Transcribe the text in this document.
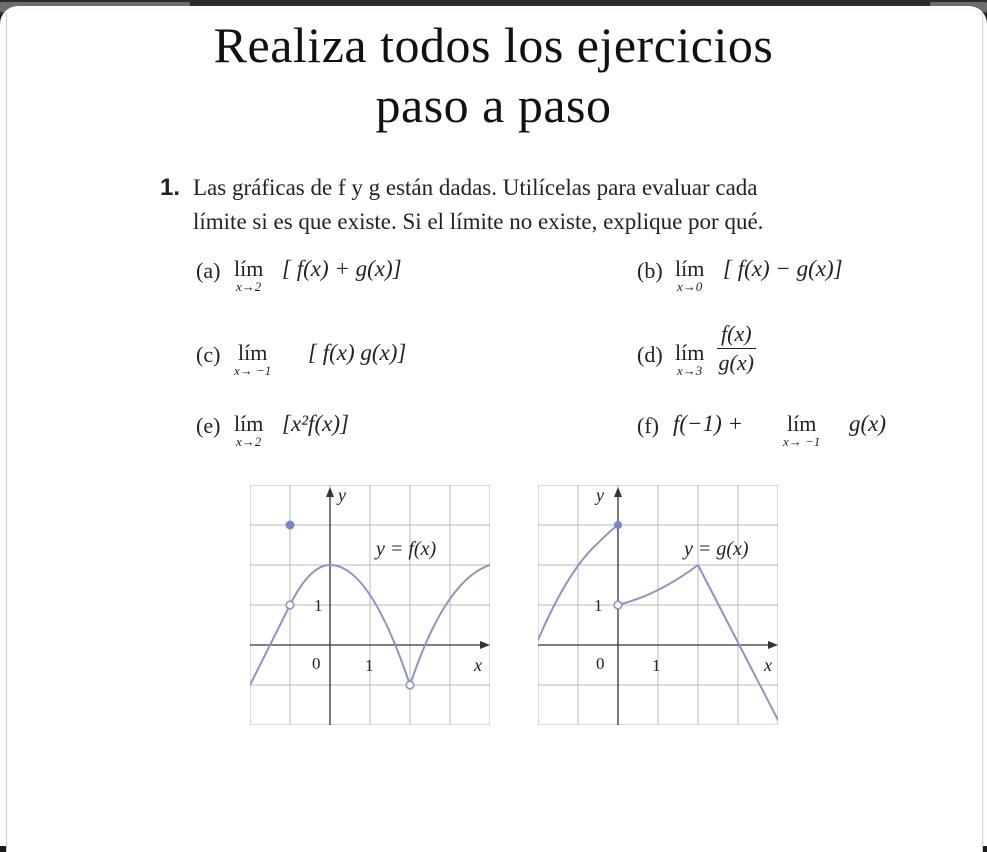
Realiza todos los ejercicios
paso a paso
1. Las gráficas de f y g están dadas. Utilícelas para evaluar cada
límite si es que existe. Si el límite no existe, explique por qué.
(a) lím
x→2
[ f(x) + g(x)]	(b) lím
x→0
[ f(x) − g(x)]
(c) lím
x→ −1
[ f(x) g(x)]	(d) lím
$x\to 3 \frac{f(x)}{g(x)}$
(e) lím
x→2
[x²f(x)]	(f) f(−1) + lím
x→ −1
g(x)
y
y = f(x)
1
0	1	x
y
y = g(x)
1
0	1	x
